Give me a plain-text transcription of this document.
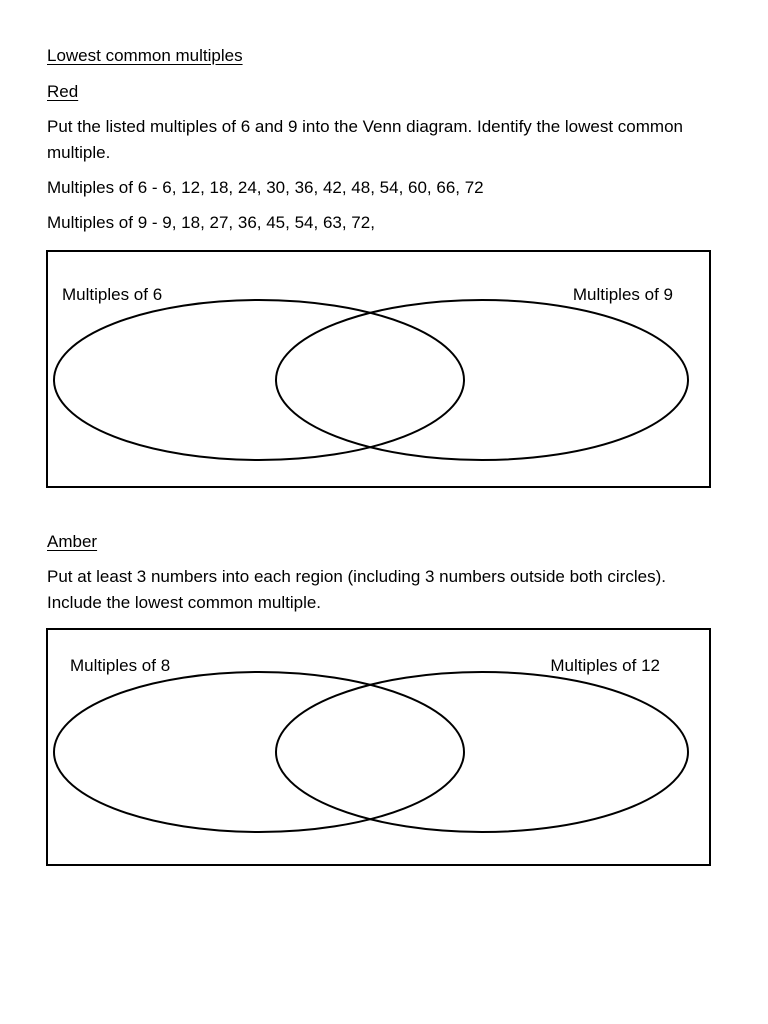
Lowest common multiples

Red

Put the listed multiples of 6 and 9 into the Venn diagram. Identify the lowest common multiple.

Multiples of 6 - 6, 12, 18, 24, 30, 36, 42, 48, 54, 60, 66, 72

Multiples of 9 - 9, 18, 27, 36, 45, 54, 63, 72,

Multiples of 6	Multiples of 9

Amber

Put at least 3 numbers into each region (including 3 numbers outside both circles). Include the lowest common multiple.

Multiples of 8	Multiples of 12
